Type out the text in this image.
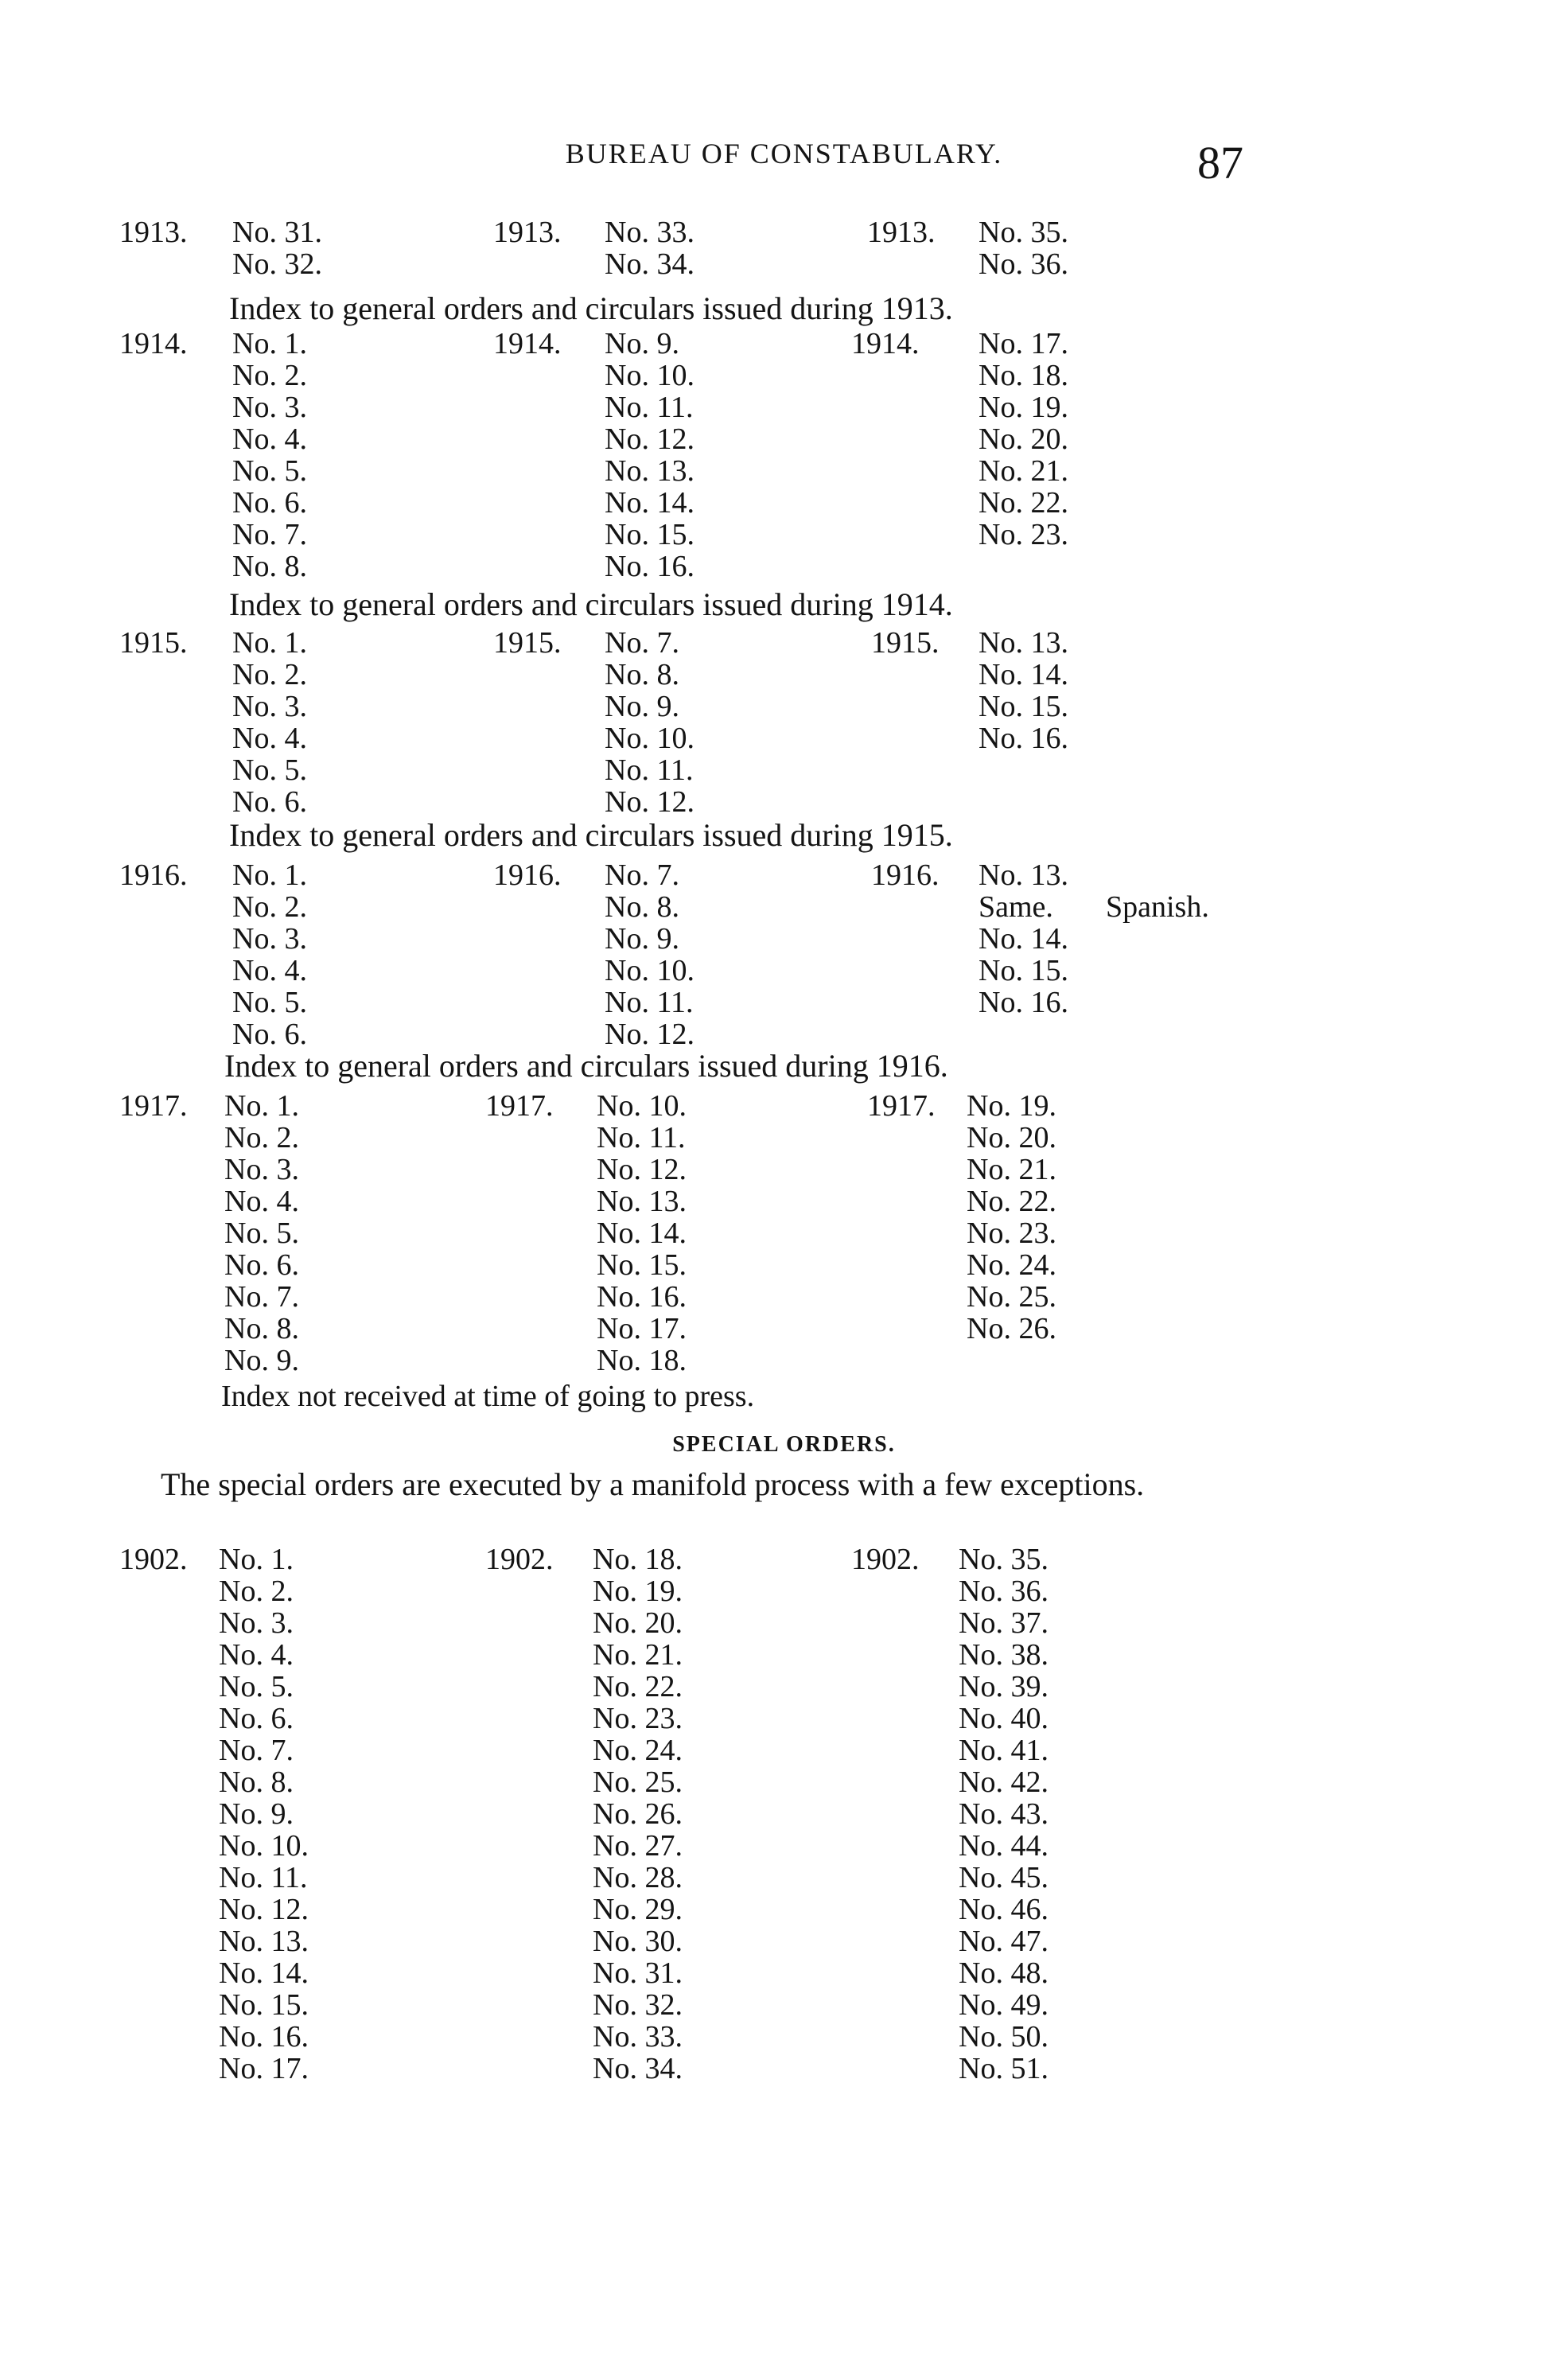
BUREAU OF CONSTABULARY.	87
1913. No. 31.
No. 32.
1913. No. 33.
No. 34.
1913. No. 35.
No. 36.
Index to general orders and circulars issued during 1913.
1914. No. 1.
No. 2.
No. 3.
No. 4.
No. 5.
No. 6.
No. 7.
No. 8.
1914. No. 9.
No. 10.
No. 11.
No. 12.
No. 13.
No. 14.
No. 15.
No. 16.
1914. No. 17.
No. 18.
No. 19.
No. 20.
No. 21.
No. 22.
No. 23.
Index to general orders and circulars issued during 1914.
1915. No. 1.
No. 2.
No. 3.
No. 4.
No. 5.
No. 6.
1915. No. 7.
No. 8.
No. 9.
No. 10.
No. 11.
No. 12.
1915. No. 13.
No. 14.
No. 15.
No. 16.
Index to general orders and circulars issued during 1915.
1916. No. 1.
No. 2.
No. 3.
No. 4.
No. 5.
No. 6.
1916. No. 7.
No. 8.
No. 9.
No. 10.
No. 11.
No. 12.
1916. No. 13.
Same.
No. 14.
No. 15.
No. 16.
Spanish.
Index to general orders and circulars issued during 1916.
1917. No. 1.
No. 2.
No. 3.
No. 4.
No. 5.
No. 6.
No. 7.
No. 8.
No. 9.
1917. No. 10.
No. 11.
No. 12.
No. 13.
No. 14.
No. 15.
No. 16.
No. 17.
No. 18.
1917. No. 19.
No. 20.
No. 21.
No. 22.
No. 23.
No. 24.
No. 25.
No. 26.
Index not received at time of going to press.
SPECIAL ORDERS.
The special orders are executed by a manifold process with a few exceptions.
1902. No. 1.
No. 2.
No. 3.
No. 4.
No. 5.
No. 6.
No. 7.
No. 8.
No. 9.
No. 10.
No. 11.
No. 12.
No. 13.
No. 14.
No. 15.
No. 16.
No. 17.
1902. No. 18.
No. 19.
No. 20.
No. 21.
No. 22.
No. 23.
No. 24.
No. 25.
No. 26.
No. 27.
No. 28.
No. 29.
No. 30.
No. 31.
No. 32.
No. 33.
No. 34.
1902. No. 35.
No. 36.
No. 37.
No. 38.
No. 39.
No. 40.
No. 41.
No. 42.
No. 43.
No. 44.
No. 45.
No. 46.
No. 47.
No. 48.
No. 49.
No. 50.
No. 51.
